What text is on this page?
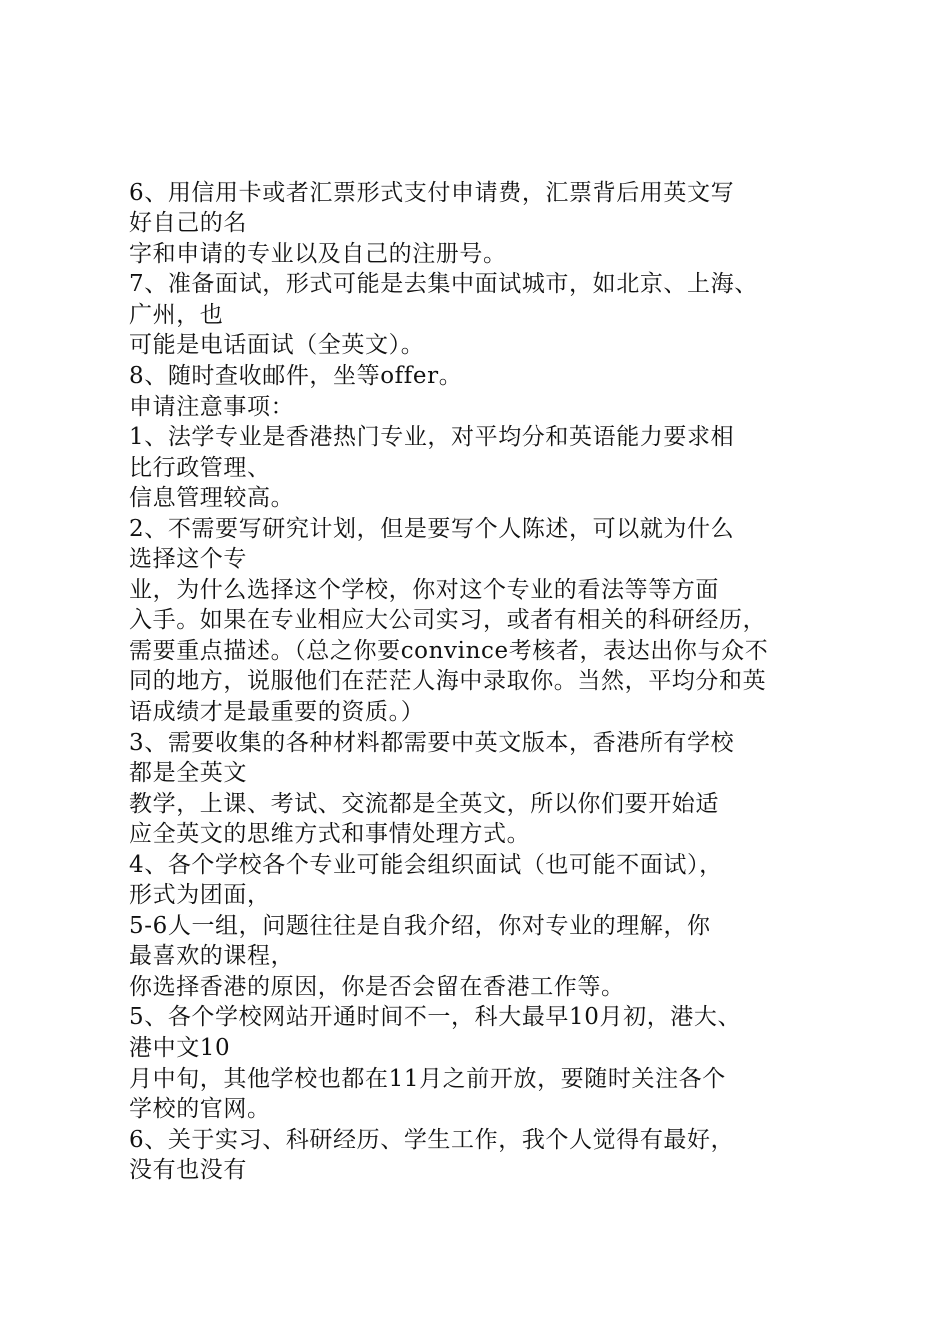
6、用信用卡或者汇票形式支付申请费，汇票背后用英文写
好自己的名
字和申请的专业以及自己的注册号。
7、准备面试，形式可能是去集中面试城市，如北京、上海、
广州，也
可能是电话面试（全英文）。
8、随时查收邮件，坐等offer。
申请注意事项：
1、法学专业是香港热门专业，对平均分和英语能力要求相
比行政管理、
信息管理较高。
2、不需要写研究计划，但是要写个人陈述，可以就为什么
选择这个专
业，为什么选择这个学校，你对这个专业的看法等等方面
入手。如果在专业相应大公司实习，或者有相关的科研经历，
需要重点描述。（总之你要convince考核者，表达出你与众不
同的地方，说服他们在茫茫人海中录取你。当然，平均分和英
语成绩才是最重要的资质。）
3、需要收集的各种材料都需要中英文版本，香港所有学校
都是全英文
教学，上课、考试、交流都是全英文，所以你们要开始适
应全英文的思维方式和事情处理方式。
4、各个学校各个专业可能会组织面试（也可能不面试），
形式为团面，
5-6人一组，问题往往是自我介绍，你对专业的理解，你
最喜欢的课程，
你选择香港的原因，你是否会留在香港工作等。
5、各个学校网站开通时间不一，科大最早10月初，港大、
港中文10
月中旬，其他学校也都在11月之前开放，要随时关注各个
学校的官网。
6、关于实习、科研经历、学生工作，我个人觉得有最好，
没有也没有
